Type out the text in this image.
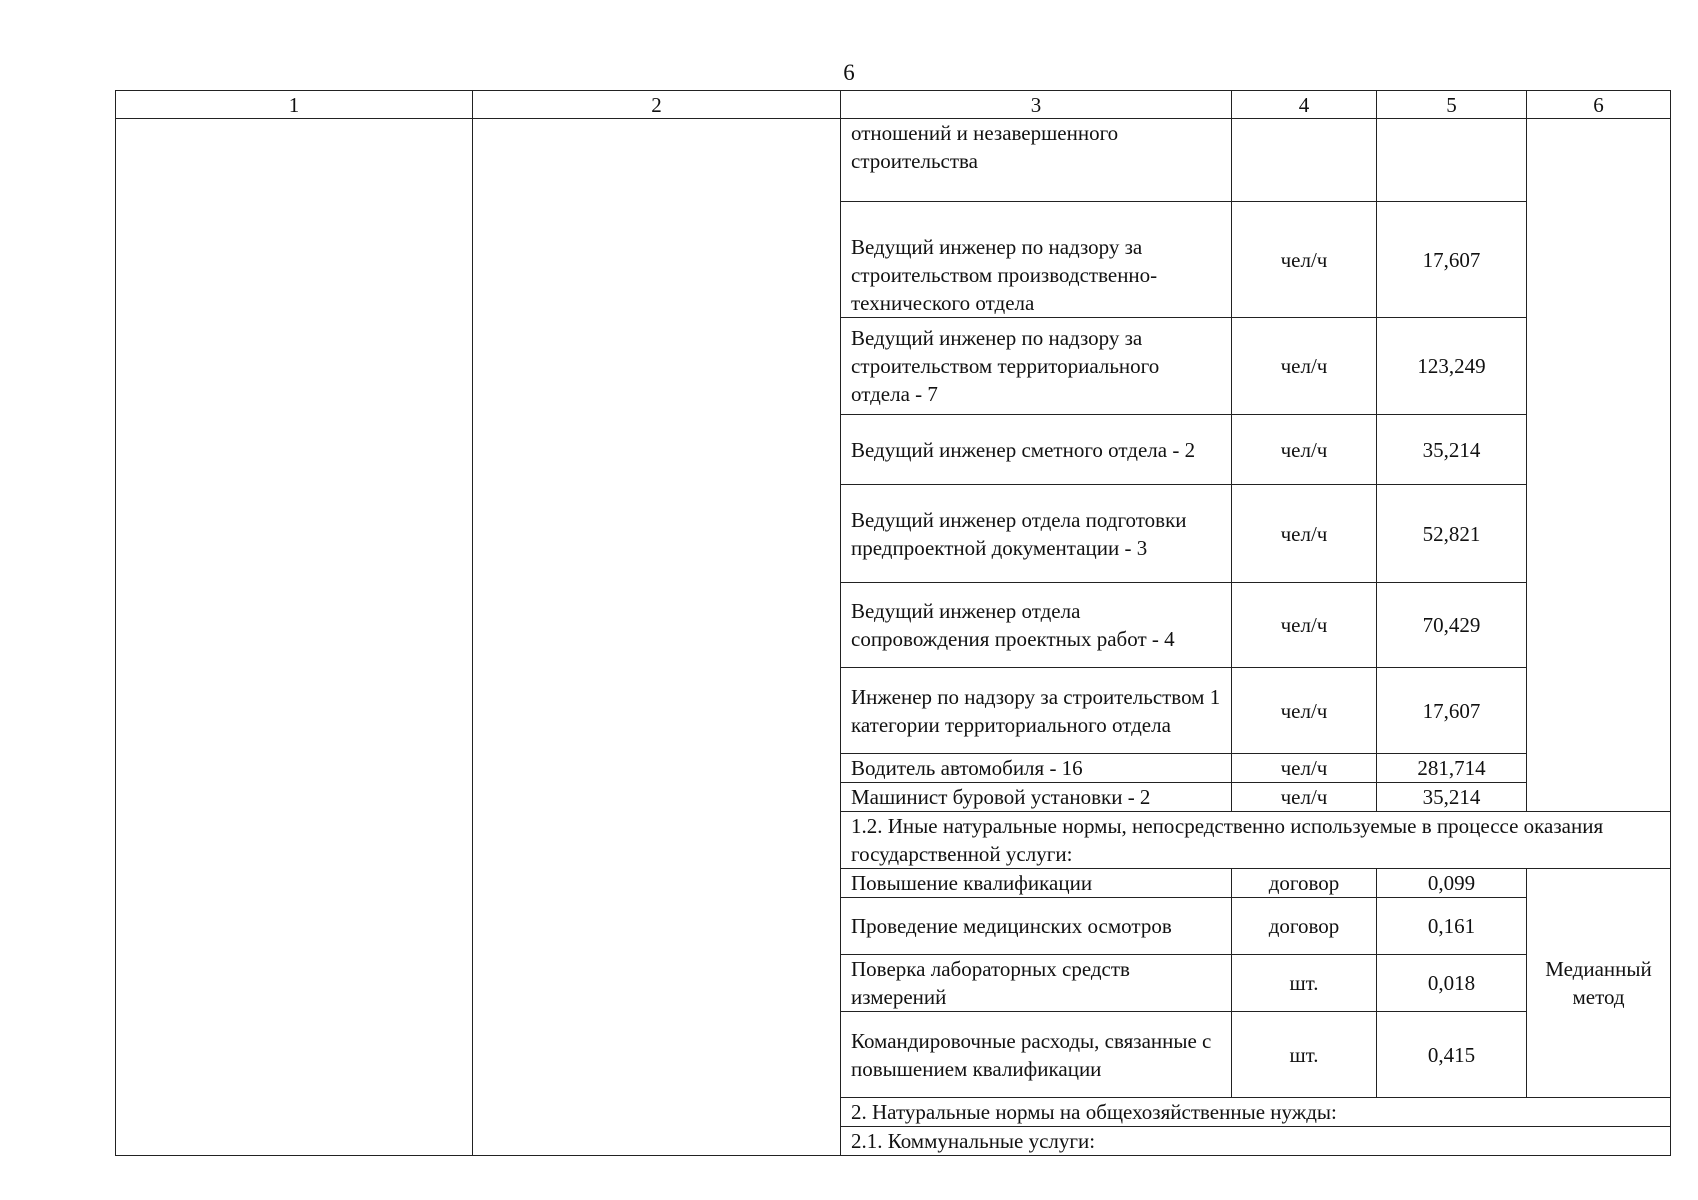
6
1	2	3	4	5	6
		отношений и незавершенного строительства			
		Ведущий инженер по надзору за строительством производственно-технического отдела	чел/ч	17,607	
		Ведущий инженер по надзору за строительством территориального отдела - 7	чел/ч	123,249	
		Ведущий инженер сметного отдела - 2	чел/ч	35,214	
		Ведущий инженер отдела подготовки предпроектной документации - 3	чел/ч	52,821	
		Ведущий инженер отдела сопровождения проектных работ - 4	чел/ч	70,429	
		Инженер по надзору за строительством 1 категории территориального отдела	чел/ч	17,607	
		Водитель автомобиля - 16	чел/ч	281,714	
		Машинист буровой установки - 2	чел/ч	35,214	
		1.2. Иные натуральные нормы, непосредственно используемые в процессе оказания государственной услуги:			
		Повышение квалификации	договор	0,099	Медианный метод
		Проведение медицинских осмотров	договор	0,161	
		Поверка лабораторных средств измерений	шт.	0,018	
		Командировочные расходы, связанные с повышением квалификации	шт.	0,415	
		2. Натуральные нормы на общехозяйственные нужды:			
		2.1. Коммунальные услуги:			
